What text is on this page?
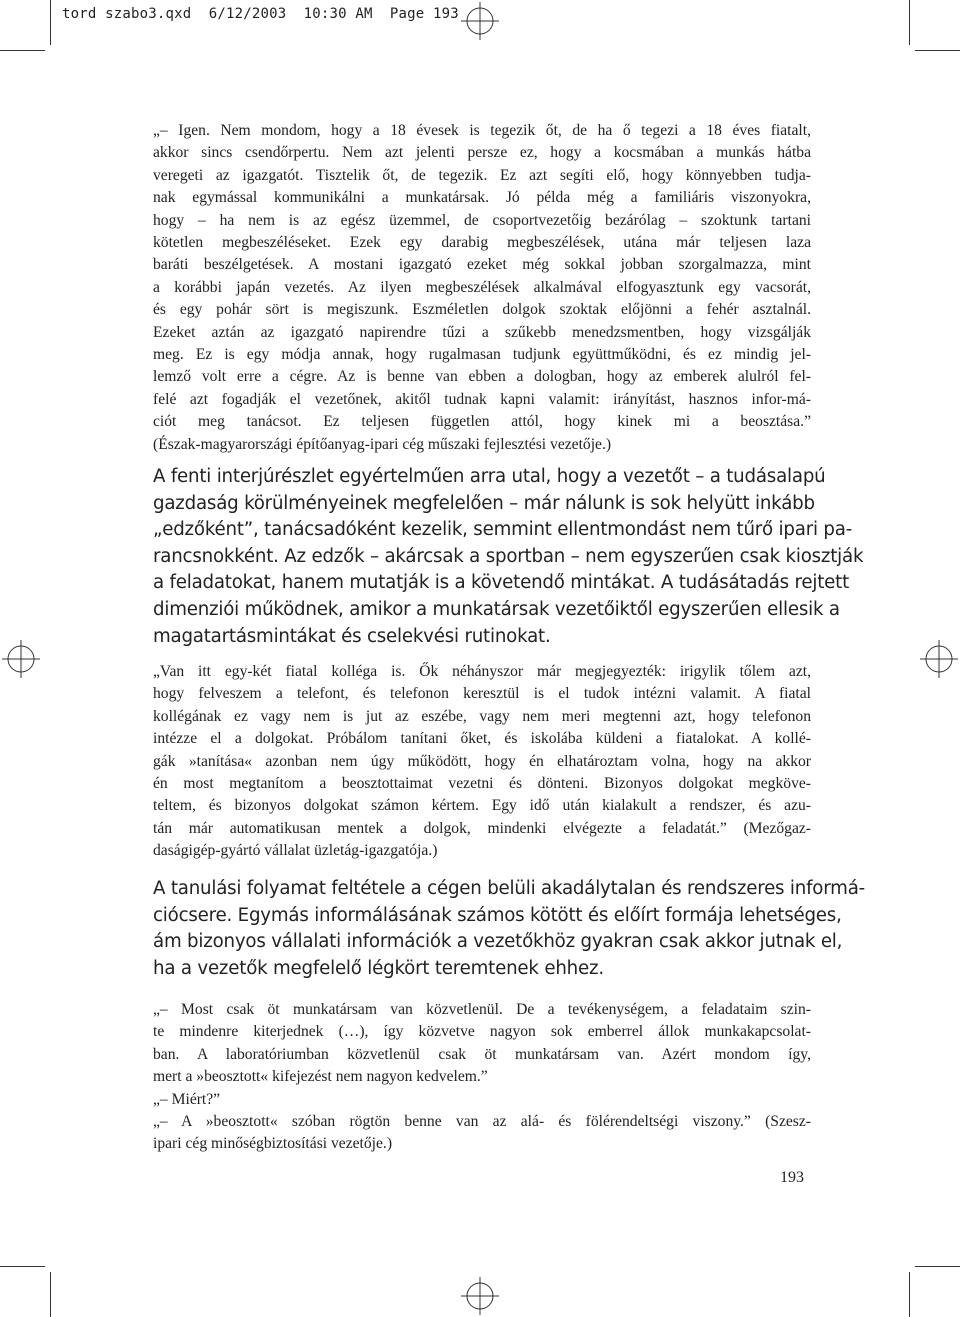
tord szabo3.qxd  6/12/2003  10:30 AM  Page 193
„– Igen. Nem mondom, hogy a 18 évesek is tegezik őt, de ha ő tegezi a 18 éves fiatalt,
akkor sincs csendőrpertu. Nem azt jelenti persze ez, hogy a kocsmában a munkás hátba
veregeti az igazgatót. Tisztelik őt, de tegezik. Ez azt segíti elő, hogy könnyebben tudja-
nak egymással kommunikálni a munkatársak. Jó példa még a familiáris viszonyokra,
hogy – ha nem is az egész üzemmel, de csoportvezetőig bezárólag – szoktunk tartani
kötetlen megbeszéléseket. Ezek egy darabig megbeszélések, utána már teljesen laza
baráti beszélgetések. A mostani igazgató ezeket még sokkal jobban szorgalmazza, mint
a korábbi japán vezetés. Az ilyen megbeszélések alkalmával elfogyasztunk egy vacsorát,
és egy pohár sört is megiszunk. Eszméletlen dolgok szoktak előjönni a fehér asztalnál.
Ezeket aztán az igazgató napirendre tűzi a szűkebb menedzsmentben, hogy vizsgálják
meg. Ez is egy módja annak, hogy rugalmasan tudjunk együttműködni, és ez mindig jel-
lemző volt erre a cégre. Az is benne van ebben a dologban, hogy az emberek alulról fel-
felé azt fogadják el vezetőnek, akitől tudnak kapni valamit: irányítást, hasznos infor-má-
ciót meg tanácsot. Ez teljesen független attól, hogy kinek mi a beosztása.”
(Észak-magyarországi építőanyag-ipari cég műszaki fejlesztési vezetője.)
A fenti interjúrészlet egyértelműen arra utal, hogy a vezetőt – a tudásalapú
gazdaság körülményeinek megfelelően – már nálunk is sok helyütt inkább
„edzőként”, tanácsadóként kezelik, semmint ellentmondást nem tűrő ipari pa-
rancsnokként. Az edzők – akárcsak a sportban – nem egyszerűen csak kiosztják
a feladatokat, hanem mutatják is a követendő mintákat. A tudásátadás rejtett
dimenziói működnek, amikor a munkatársak vezetőiktől egyszerűen ellesik a
magatartásmintákat és cselekvési rutinokat.
„Van itt egy-két fiatal kolléga is. Ők néhányszor már megjegyezték: irigylik tőlem azt,
hogy felveszem a telefont, és telefonon keresztül is el tudok intézni valamit. A fiatal
kollégának ez vagy nem is jut az eszébe, vagy nem meri megtenni azt, hogy telefonon
intézze el a dolgokat. Próbálom tanítani őket, és iskolába küldeni a fiatalokat. A kollé-
gák »tanítása« azonban nem úgy működött, hogy én elhatároztam volna, hogy na akkor
én most megtanítom a beosztottaimat vezetni és dönteni. Bizonyos dolgokat megköve-
teltem, és bizonyos dolgokat számon kértem. Egy idő után kialakult a rendszer, és azu-
tán már automatikusan mentek a dolgok, mindenki elvégezte a feladatát.” (Mezőgaz-
daságigép-gyártó vállalat üzletág-igazgatója.)
A tanulási folyamat feltétele a cégen belüli akadálytalan és rendszeres informá-
ciócsere. Egymás informálásának számos kötött és előírt formája lehetséges,
ám bizonyos vállalati információk a vezetőkhöz gyakran csak akkor jutnak el,
ha a vezetők megfelelő légkört teremtenek ehhez.
„– Most csak öt munkatársam van közvetlenül. De a tevékenységem, a feladataim szin-
te mindenre kiterjednek (…), így közvetve nagyon sok emberrel állok munkakapcsolat-
ban. A laboratóriumban közvetlenül csak öt munkatársam van. Azért mondom így,
mert a »beosztott« kifejezést nem nagyon kedvelem.”
„– Miért?”
„– A »beosztott« szóban rögtön benne van az alá- és fölérendeltségi viszony.” (Szesz-
ipari cég minőségbiztosítási vezetője.)
193
